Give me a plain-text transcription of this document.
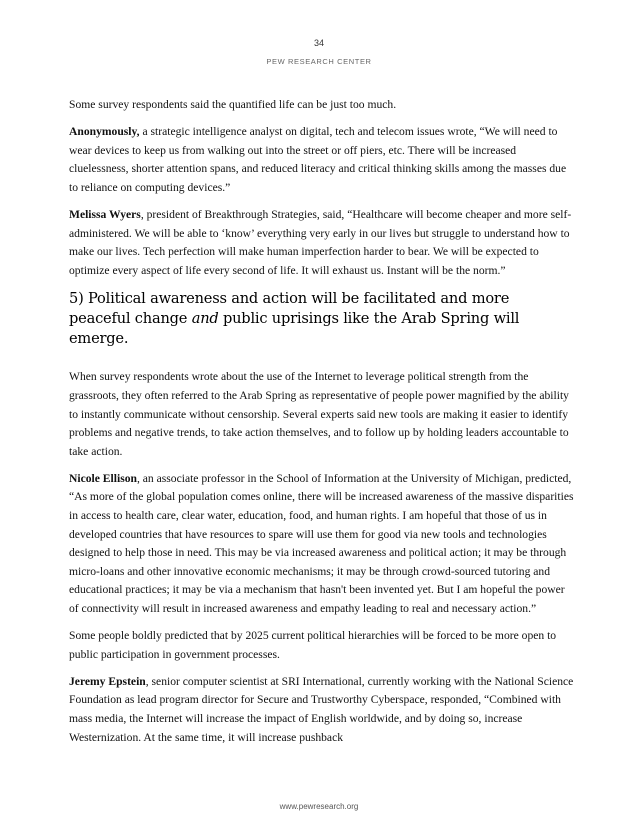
34
PEW RESEARCH CENTER

Some survey respondents said the quantified life can be just too much.

Anonymously, a strategic intelligence analyst on digital, tech and telecom issues wrote, “We will need to wear devices to keep us from walking out into the street or off piers, etc. There will be increased cluelessness, shorter attention spans, and reduced literacy and critical thinking skills among the masses due to reliance on computing devices.”

Melissa Wyers, president of Breakthrough Strategies, said, “Healthcare will become cheaper and more self-administered. We will be able to ‘know’ everything very early in our lives but struggle to understand how to make our lives. Tech perfection will make human imperfection harder to bear. We will be expected to optimize every aspect of life every second of life. It will exhaust us. Instant will be the norm.”

5) Political awareness and action will be facilitated and more peaceful change and public uprisings like the Arab Spring will emerge.

When survey respondents wrote about the use of the Internet to leverage political strength from the grassroots, they often referred to the Arab Spring as representative of people power magnified by the ability to instantly communicate without censorship. Several experts said new tools are making it easier to identify problems and negative trends, to take action themselves, and to follow up by holding leaders accountable to take action.

Nicole Ellison, an associate professor in the School of Information at the University of Michigan, predicted, “As more of the global population comes online, there will be increased awareness of the massive disparities in access to health care, clear water, education, food, and human rights. I am hopeful that those of us in developed countries that have resources to spare will use them for good via new tools and technologies designed to help those in need. This may be via increased awareness and political action; it may be through micro-loans and other innovative economic mechanisms; it may be through crowd-sourced tutoring and educational practices; it may be via a mechanism that hasn't been invented yet. But I am hopeful the power of connectivity will result in increased awareness and empathy leading to real and necessary action.”

Some people boldly predicted that by 2025 current political hierarchies will be forced to be more open to public participation in government processes.

Jeremy Epstein, senior computer scientist at SRI International, currently working with the National Science Foundation as lead program director for Secure and Trustworthy Cyberspace, responded, “Combined with mass media, the Internet will increase the impact of English worldwide, and by doing so, increase Westernization. At the same time, it will increase pushback

www.pewresearch.org
